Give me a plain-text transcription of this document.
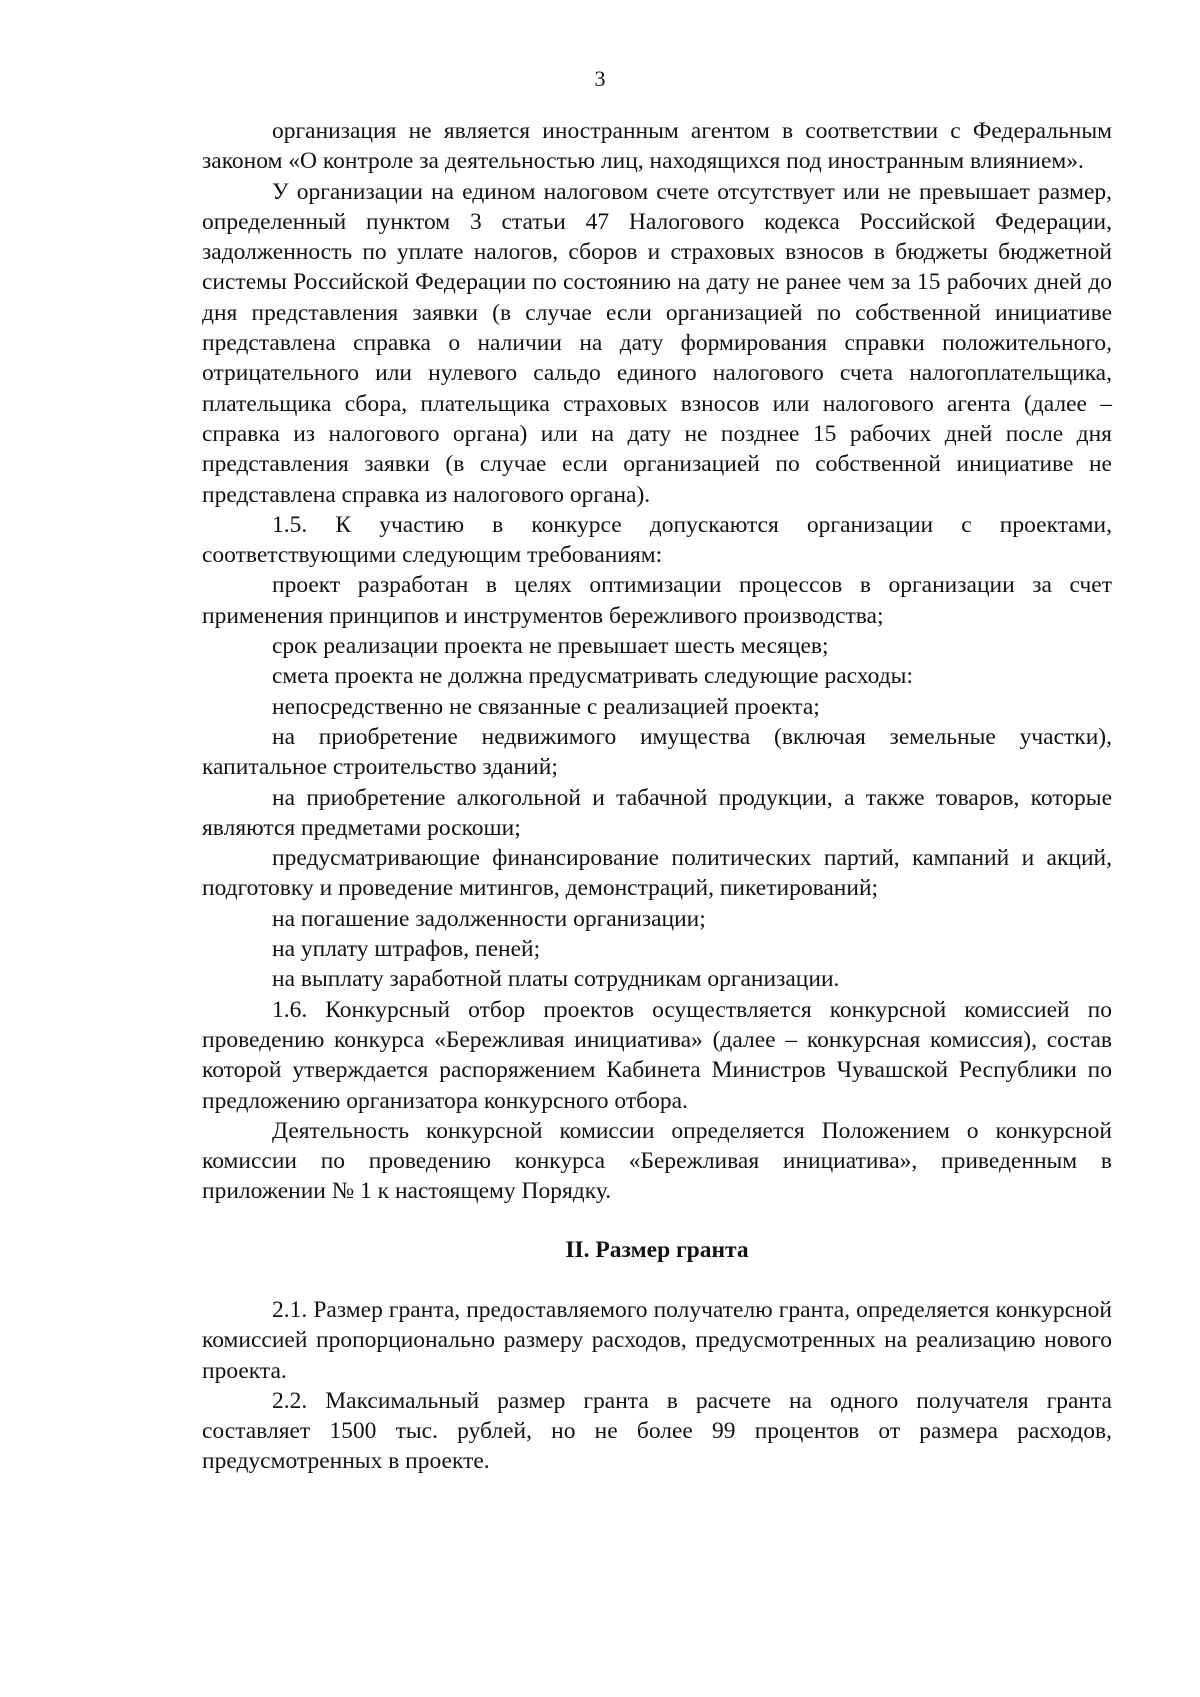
3

организация не является иностранным агентом в соответствии с Федеральным законом «О контроле за деятельностью лиц, находящихся под иностранным влиянием».

У организации на едином налоговом счете отсутствует или не превышает размер, определенный пунктом 3 статьи 47 Налогового кодекса Российской Федерации, задолженность по уплате налогов, сборов и страховых взносов в бюджеты бюджетной системы Российской Федерации по состоянию на дату не ранее чем за 15 рабочих дней до дня представления заявки (в случае если организацией по собственной инициативе представлена справка о наличии на дату формирования справки положительного, отрицательного или нулевого сальдо единого налогового счета налогоплательщика, плательщика сбора, плательщика страховых взносов или налогового агента (далее – справка из налогового органа) или на дату не позднее 15 рабочих дней после дня представления заявки (в случае если организацией по собственной инициативе не представлена справка из налогового органа).

1.5. К участию в конкурсе допускаются организации с проектами, соответствующими следующим требованиям:

проект разработан в целях оптимизации процессов в организации за счет применения принципов и инструментов бережливого производства;

срок реализации проекта не превышает шесть месяцев;

смета проекта не должна предусматривать следующие расходы:

непосредственно не связанные с реализацией проекта;

на приобретение недвижимого имущества (включая земельные участки), капитальное строительство зданий;

на приобретение алкогольной и табачной продукции, а также товаров, которые являются предметами роскоши;

предусматривающие финансирование политических партий, кампаний и акций, подготовку и проведение митингов, демонстраций, пикетирований;

на погашение задолженности организации;

на уплату штрафов, пеней;

на выплату заработной платы сотрудникам организации.

1.6. Конкурсный отбор проектов осуществляется конкурсной комиссией по проведению конкурса «Бережливая инициатива» (далее – конкурсная комиссия), состав которой утверждается распоряжением Кабинета Министров Чувашской Республики по предложению организатора конкурсного отбора.

Деятельность конкурсной комиссии определяется Положением о конкурсной комиссии по проведению конкурса «Бережливая инициатива», приведенным в приложении № 1 к настоящему Порядку.

II. Размер гранта

2.1. Размер гранта, предоставляемого получателю гранта, определяется конкурсной комиссией пропорционально размеру расходов, предусмотренных на реализацию нового проекта.

2.2. Максимальный размер гранта в расчете на одного получателя гранта составляет 1500 тыс. рублей, но не более 99 процентов от размера расходов, предусмотренных в проекте.
